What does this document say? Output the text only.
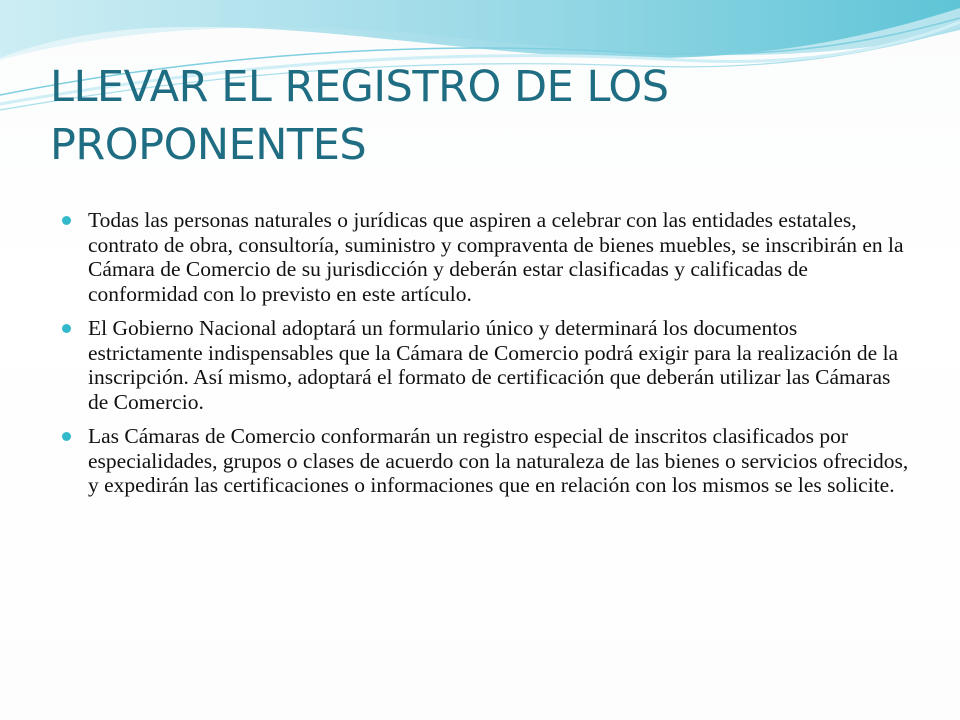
LLEVAR EL REGISTRO DE LOS PROPONENTES
Todas las personas naturales o jurídicas que aspiren a celebrar con las entidades estatales, contrato de obra, consultoría, suministro y compraventa de bienes muebles, se inscribirán en la Cámara de Comercio de su jurisdicción y deberán estar clasificadas y calificadas de conformidad con lo previsto en este artículo.
El Gobierno Nacional adoptará un formulario único y determinará los documentos estrictamente indispensables que la Cámara de Comercio podrá exigir para la realización de la inscripción. Así mismo, adoptará el formato de certificación que deberán utilizar las Cámaras de Comercio.
Las Cámaras de Comercio conformarán un registro especial de inscritos clasificados por especialidades, grupos o clases de acuerdo con la naturaleza de las bienes o servicios ofrecidos, y expedirán las certificaciones o informaciones que en relación con los mismos se les solicite.
